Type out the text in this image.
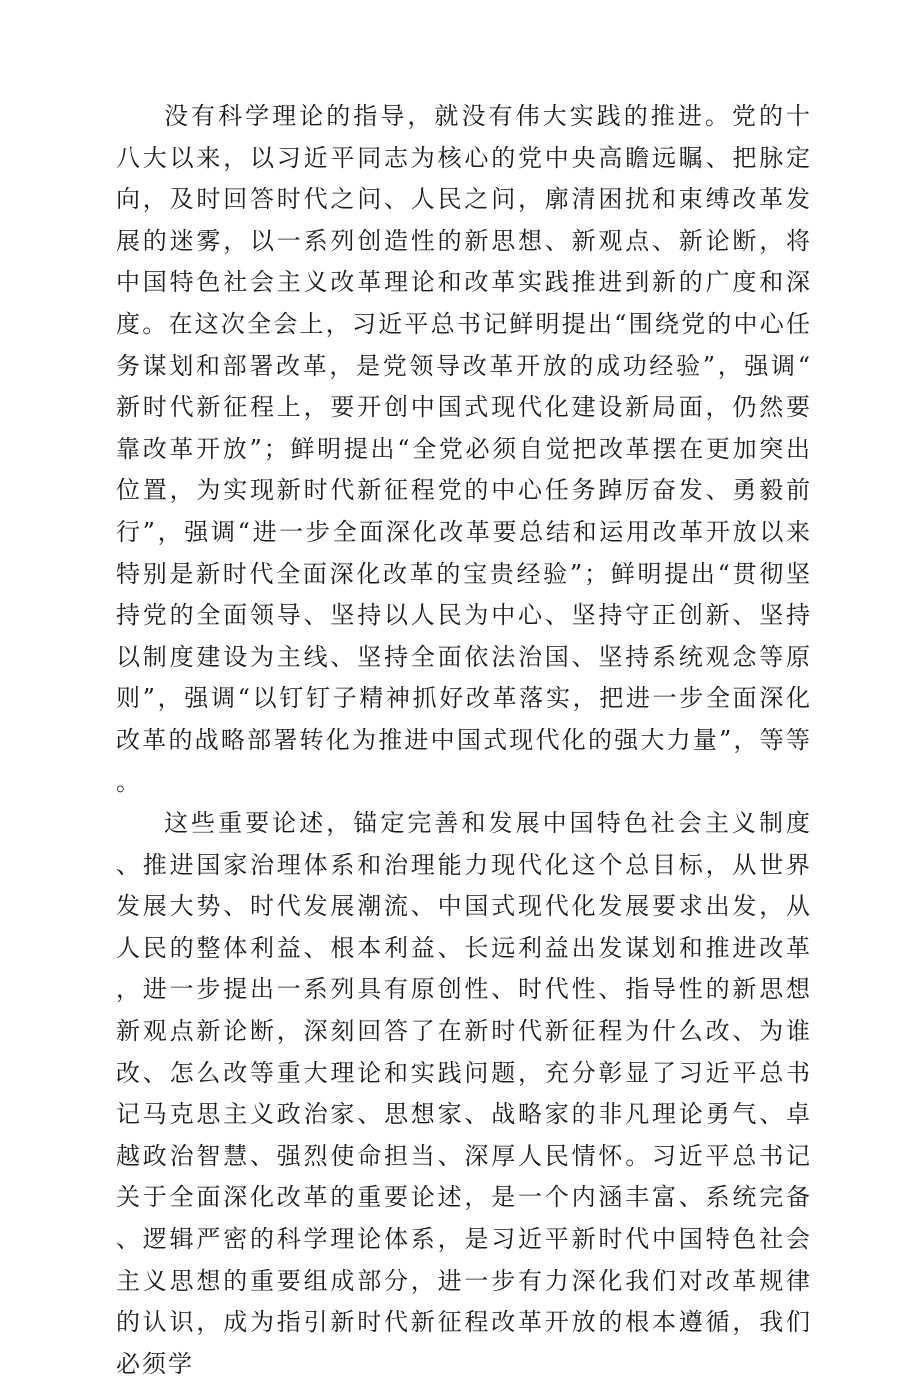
没有科学理论的指导，就没有伟大实践的推进。党的十八大以来，以习近平同志为核心的党中央高瞻远瞩、把脉定向，及时回答时代之问、人民之问，廓清困扰和束缚改革发展的迷雾，以一系列创造性的新思想、新观点、新论断，将中国特色社会主义改革理论和改革实践推进到新的广度和深度。在这次全会上，习近平总书记鲜明提出“围绕党的中心任务谋划和部署改革，是党领导改革开放的成功经验”，强调“新时代新征程上，要开创中国式现代化建设新局面，仍然要靠改革开放”；鲜明提出“全党必须自觉把改革摆在更加突出位置，为实现新时代新征程党的中心任务踔厉奋发、勇毅前行”，强调“进一步全面深化改革要总结和运用改革开放以来特别是新时代全面深化改革的宝贵经验”；鲜明提出“贯彻坚持党的全面领导、坚持以人民为中心、坚持守正创新、坚持以制度建设为主线、坚持全面依法治国、坚持系统观念等原则”，强调“以钉钉子精神抓好改革落实，把进一步全面深化改革的战略部署转化为推进中国式现代化的强大力量”，等等。

这些重要论述，锚定完善和发展中国特色社会主义制度、推进国家治理体系和治理能力现代化这个总目标，从世界发展大势、时代发展潮流、中国式现代化发展要求出发，从人民的整体利益、根本利益、长远利益出发谋划和推进改革，进一步提出一系列具有原创性、时代性、指导性的新思想新观点新论断，深刻回答了在新时代新征程为什么改、为谁改、怎么改等重大理论和实践问题，充分彰显了习近平总书记马克思主义政治家、思想家、战略家的非凡理论勇气、卓越政治智慧、强烈使命担当、深厚人民情怀。习近平总书记关于全面深化改革的重要论述，是一个内涵丰富、系统完备、逻辑严密的科学理论体系，是习近平新时代中国特色社会主义思想的重要组成部分，进一步有力深化我们对改革规律的认识，成为指引新时代新征程改革开放的根本遵循，我们必须学
